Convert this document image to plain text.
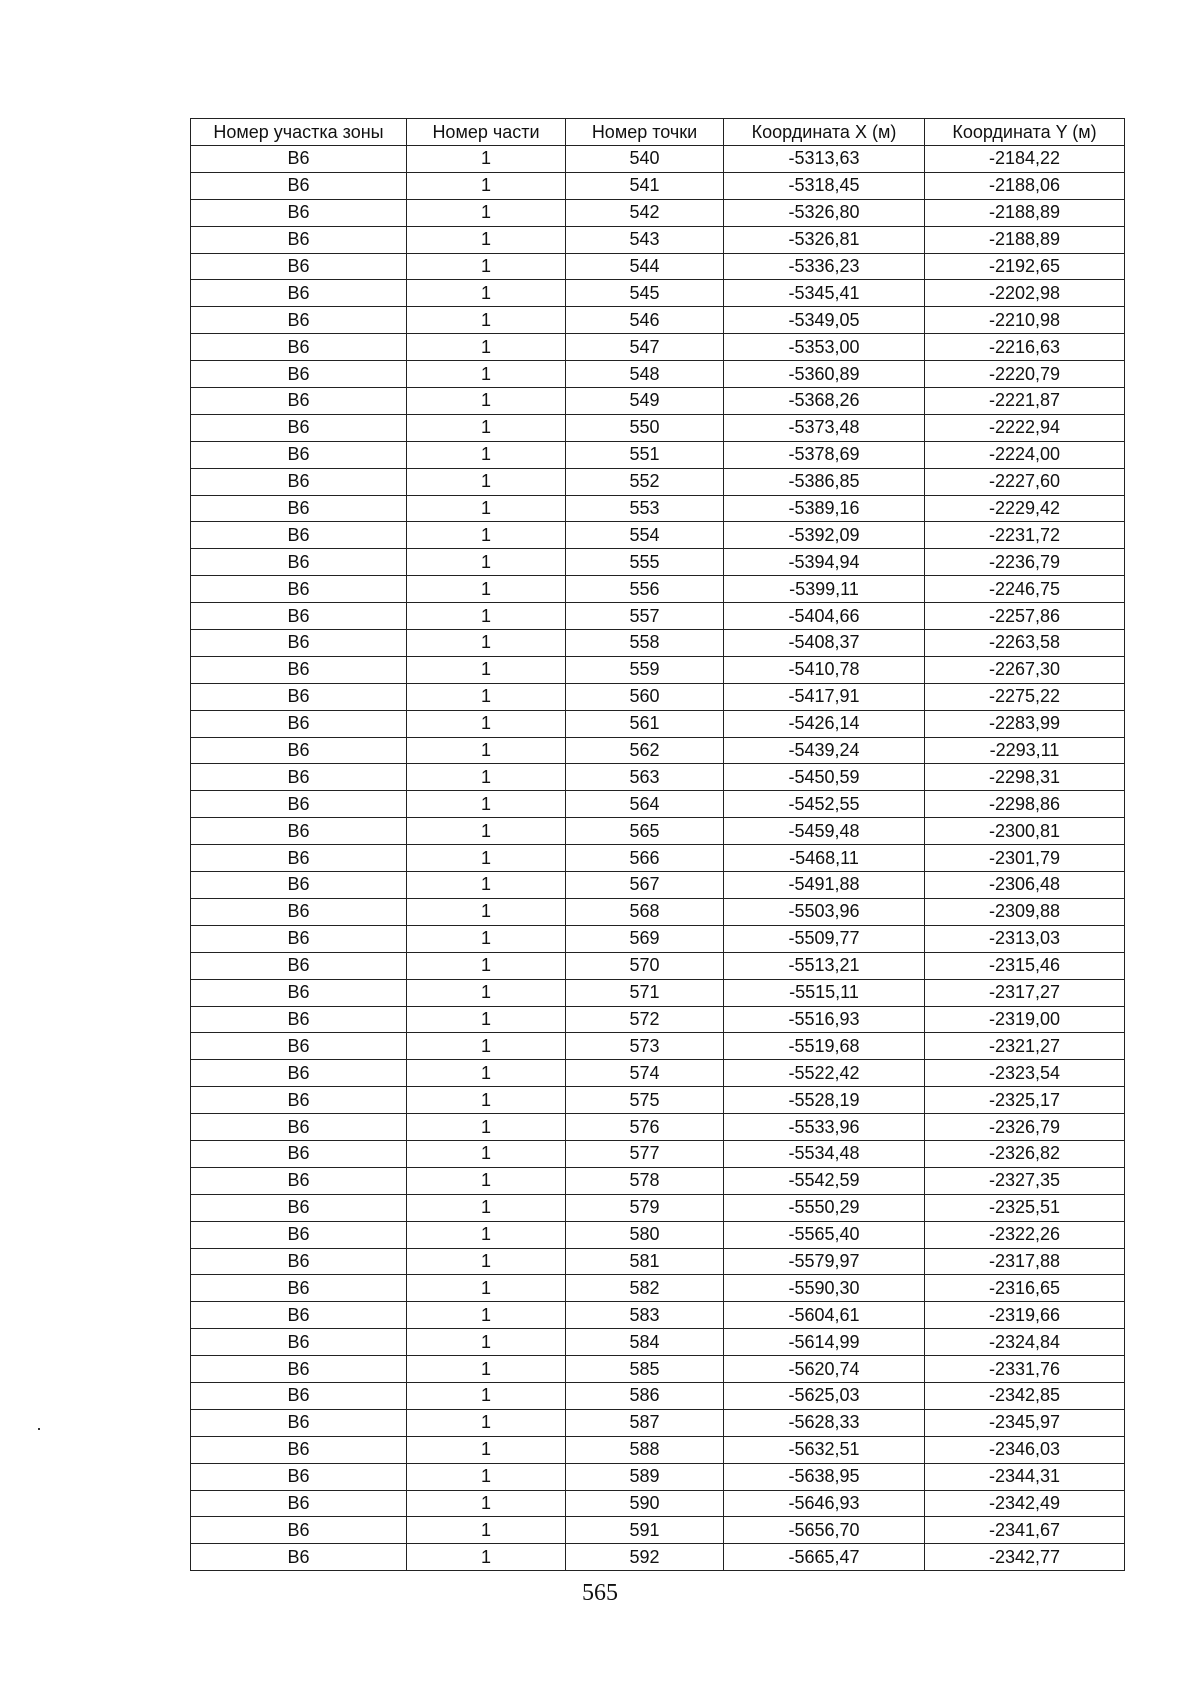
Номер участка зоны	Номер части	Номер точки	Координата X (м)	Координата Y (м)
В6	1	540	-5313,63	-2184,22
В6	1	541	-5318,45	-2188,06
В6	1	542	-5326,80	-2188,89
В6	1	543	-5326,81	-2188,89
В6	1	544	-5336,23	-2192,65
В6	1	545	-5345,41	-2202,98
В6	1	546	-5349,05	-2210,98
В6	1	547	-5353,00	-2216,63
В6	1	548	-5360,89	-2220,79
В6	1	549	-5368,26	-2221,87
В6	1	550	-5373,48	-2222,94
В6	1	551	-5378,69	-2224,00
В6	1	552	-5386,85	-2227,60
В6	1	553	-5389,16	-2229,42
В6	1	554	-5392,09	-2231,72
В6	1	555	-5394,94	-2236,79
В6	1	556	-5399,11	-2246,75
В6	1	557	-5404,66	-2257,86
В6	1	558	-5408,37	-2263,58
В6	1	559	-5410,78	-2267,30
В6	1	560	-5417,91	-2275,22
В6	1	561	-5426,14	-2283,99
В6	1	562	-5439,24	-2293,11
В6	1	563	-5450,59	-2298,31
В6	1	564	-5452,55	-2298,86
В6	1	565	-5459,48	-2300,81
В6	1	566	-5468,11	-2301,79
В6	1	567	-5491,88	-2306,48
В6	1	568	-5503,96	-2309,88
В6	1	569	-5509,77	-2313,03
В6	1	570	-5513,21	-2315,46
В6	1	571	-5515,11	-2317,27
В6	1	572	-5516,93	-2319,00
В6	1	573	-5519,68	-2321,27
В6	1	574	-5522,42	-2323,54
В6	1	575	-5528,19	-2325,17
В6	1	576	-5533,96	-2326,79
В6	1	577	-5534,48	-2326,82
В6	1	578	-5542,59	-2327,35
В6	1	579	-5550,29	-2325,51
В6	1	580	-5565,40	-2322,26
В6	1	581	-5579,97	-2317,88
В6	1	582	-5590,30	-2316,65
В6	1	583	-5604,61	-2319,66
В6	1	584	-5614,99	-2324,84
В6	1	585	-5620,74	-2331,76
В6	1	586	-5625,03	-2342,85
В6	1	587	-5628,33	-2345,97
В6	1	588	-5632,51	-2346,03
В6	1	589	-5638,95	-2344,31
В6	1	590	-5646,93	-2342,49
В6	1	591	-5656,70	-2341,67
В6	1	592	-5665,47	-2342,77
565
